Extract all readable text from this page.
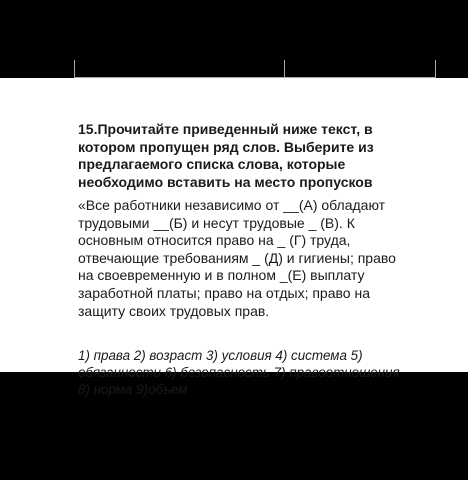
15.Прочитайте приведенный ниже текст, в котором пропущен ряд слов. Выберите из предлагаемого списка слова, которые необходимо вставить на место пропусков

«Все работники независимо от __(А) обладают трудовыми __(Б) и несут трудовые _ (В). К основным относится право на _ (Г) труда, отвечающие требованиям _ (Д) и гигиены; право на своевременную и в полном _(Е) выплату заработной платы; право на отдых; право на защиту своих трудовых прав.

1) права 2) возраст 3) условия 4) система 5) обязанности 6) безопасность 7) правоотношения 8) норма 9)объем
